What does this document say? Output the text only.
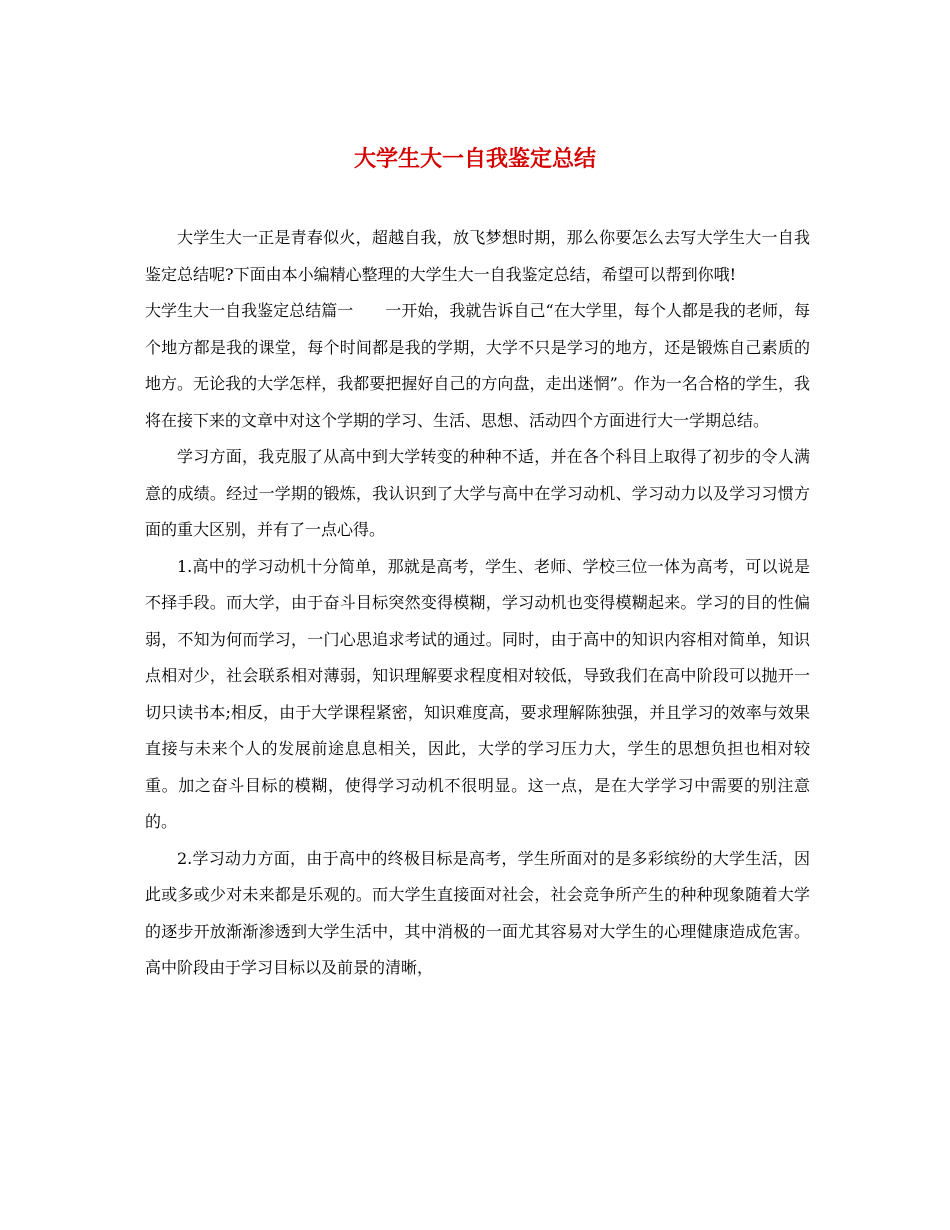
大学生大一自我鉴定总结

大学生大一正是青春似火，超越自我，放飞梦想时期，那么你要怎么去写大学生大一自我鉴定总结呢?下面由本小编精心整理的大学生大一自我鉴定总结，希望可以帮到你哦!

大学生大一自我鉴定总结篇一　　一开始，我就告诉自己“在大学里，每个人都是我的老师，每个地方都是我的课堂，每个时间都是我的学期，大学不只是学习的地方，还是锻炼自己素质的地方。无论我的大学怎样，我都要把握好自己的方向盘，走出迷惘”。作为一名合格的学生，我将在接下来的文章中对这个学期的学习、生活、思想、活动四个方面进行大一学期总结。

学习方面，我克服了从高中到大学转变的种种不适，并在各个科目上取得了初步的令人满意的成绩。经过一学期的锻炼，我认识到了大学与高中在学习动机、学习动力以及学习习惯方面的重大区别，并有了一点心得。

1.高中的学习动机十分简单，那就是高考，学生、老师、学校三位一体为高考，可以说是不择手段。而大学，由于奋斗目标突然变得模糊，学习动机也变得模糊起来。学习的目的性偏弱，不知为何而学习，一门心思追求考试的通过。同时，由于高中的知识内容相对简单，知识点相对少，社会联系相对薄弱，知识理解要求程度相对较低，导致我们在高中阶段可以抛开一切只读书本;相反，由于大学课程紧密，知识难度高，要求理解陈独强，并且学习的效率与效果直接与未来个人的发展前途息息相关，因此，大学的学习压力大，学生的思想负担也相对较重。加之奋斗目标的模糊，使得学习动机不很明显。这一点，是在大学学习中需要的别注意的。

2.学习动力方面，由于高中的终极目标是高考，学生所面对的是多彩缤纷的大学生活，因此或多或少对未来都是乐观的。而大学生直接面对社会，社会竞争所产生的种种现象随着大学的逐步开放渐渐渗透到大学生活中，其中消极的一面尤其容易对大学生的心理健康造成危害。高中阶段由于学习目标以及前景的清晰，
